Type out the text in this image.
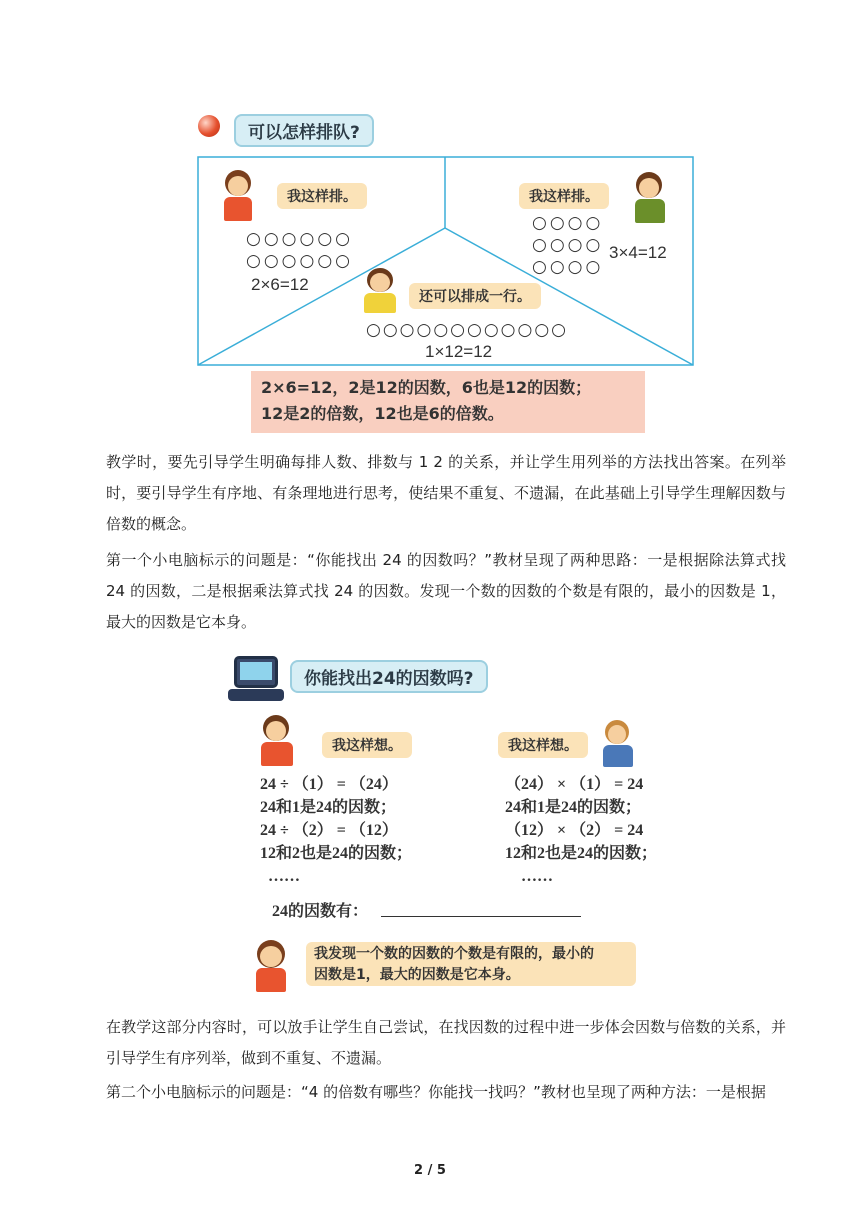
可以怎样排队?
我这样排。
○○○○○○
○○○○○○
2×6=12
我这样排。
○○○○
○○○○
○○○○
3×4=12
还可以排成一行。
○○○○○○○○○○○○
1×12=12
2×6=12，2是12的因数，6也是12的因数；
12是2的倍数，12也是6的倍数。
教学时，要先引导学生明确每排人数、排数与 1 2 的关系，并让学生用列举的方法找出答案。在列举时，要引导学生有序地、有条理地进行思考，使结果不重复、不遗漏，在此基础上引导学生理解因数与倍数的概念。
第一个小电脑标示的问题是：“你能找出 24 的因数吗？”教材呈现了两种思路：一是根据除法算式找 24 的因数，二是根据乘法算式找 24 的因数。发现一个数的因数的个数是有限的，最小的因数是 1，最大的因数是它本身。
你能找出24的因数吗?
我这样想。
24 ÷ （1） = （24）
24和1是24的因数；
24 ÷ （2） = （12）
12和2也是24的因数；
……
我这样想。
（24） × （1） = 24
24和1是24的因数；
（12） × （2） = 24
12和2也是24的因数；
……
24的因数有：
我发现一个数的因数的个数是有限的，最小的
因数是1，最大的因数是它本身。
在教学这部分内容时，可以放手让学生自己尝试，在找因数的过程中进一步体会因数与倍数的关系，并引导学生有序列举，做到不重复、不遗漏。
第二个小电脑标示的问题是：“4 的倍数有哪些？你能找一找吗？”教材也呈现了两种方法：一是根据
2 / 5
